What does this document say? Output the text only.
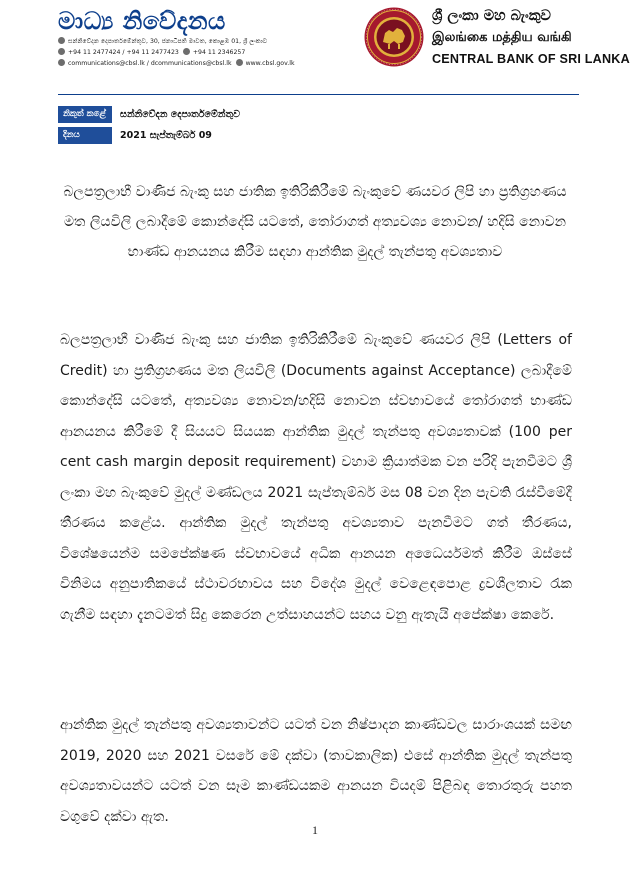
මාධ්‍ය නිවේදනය
සන්නිවේදන දෙපාර්තමේන්තුව, 30, ජනාධිපති මාවත, කොළඹ 01, ශ්‍රී ලංකාව
+94 11 2477424 / +94 11 2477423 +94 11 2346257
communications@cbsl.lk / dcommunications@cbsl.lk www.cbsl.gov.lk
ශ්‍රී ලංකා මහ බැංකුව
இலங்கை மத்திய வங்கி
CENTRAL BANK OF SRI LANKA
නිකුත් කළේ	සන්නිවේදන දෙපාර්තමේන්තුව
දිනය	2021 සැප්තැම්බර් 09
බලපත්‍රලාභී වාණිජ බැංකු සහ ජාතික ඉතිරිකිරීමේ බැංකුවේ ණයවර ලිපි හා ප්‍රතිග්‍රහණය මත ලියවිලි ලබාදීමේ කොන්දේසි යටතේ, තෝරාගත් අත්‍යවශ්‍ය නොවන/ හදිසි නොවන භාණ්ඩ ආනයනය කිරීම සඳහා ආන්තික මුදල් තැන්පතු අවශ්‍යතාව
බලපත්‍රලාභී වාණිජ බැංකු සහ ජාතික ඉතිරිකිරීමේ බැංකුවේ ණයවර ලිපි (Letters of Credit) හා ප්‍රතිග්‍රහණය මත ලියවිලි (Documents against Acceptance) ලබාදීමේ කොන්දේසි යටතේ, අත්‍යවශ්‍ය නොවන/හදිසි නොවන ස්වභාවයේ තෝරාගත් භාණ්ඩ ආනයනය කිරීමේ දී සියයට සියයක ආන්තික මුදල් තැන්පතු අවශ්‍යතාවක් (100 per cent cash margin deposit requirement) වහාම ක්‍රියාත්මක වන පරිදි පැනවීමට ශ්‍රී ලංකා මහ බැංකුවේ මුදල් මණ්ඩලය 2021 සැප්තැම්බර් මස 08 වන දින පැවති රැස්වීමේදී තීරණය කළේය. ආන්තික මුදල් තැන්පතු අවශ්‍යතාව පැනවීමට ගත් තීරණය, විශේෂයෙන්ම සමපේක්ෂණ ස්වභාවයේ අධික ආනයන අධෛර්යමත් කිරීම ඔස්සේ විනිමය අනුපාතිකයේ ස්ථාවරභාවය සහ විදේශ මුදල් වෙළෙඳපොළ ද්‍රවශීලතාව රැක ගැනීම සඳහා දැනටමත් සිදු කෙරෙන උත්සාහයන්ට සහය වනු ඇතැයි අපේක්ෂා කෙරේ.
ආන්තික මුදල් තැන්පතු අවශ්‍යතාවන්ට යටත් වන නිෂ්පාදන කාණ්ඩවල සාරාංශයක් සමඟ 2019, 2020 සහ 2021 වසරේ මේ දක්වා (තාවකාලික) එසේ ආන්තික මුදල් තැන්පතු අවශ්‍යතාවයන්ට යටත් වන සෑම කාණ්ඩයකම ආනයන වියදම් පිළිබඳ තොරතුරු පහත වගුවේ දක්වා ඇත.
1
